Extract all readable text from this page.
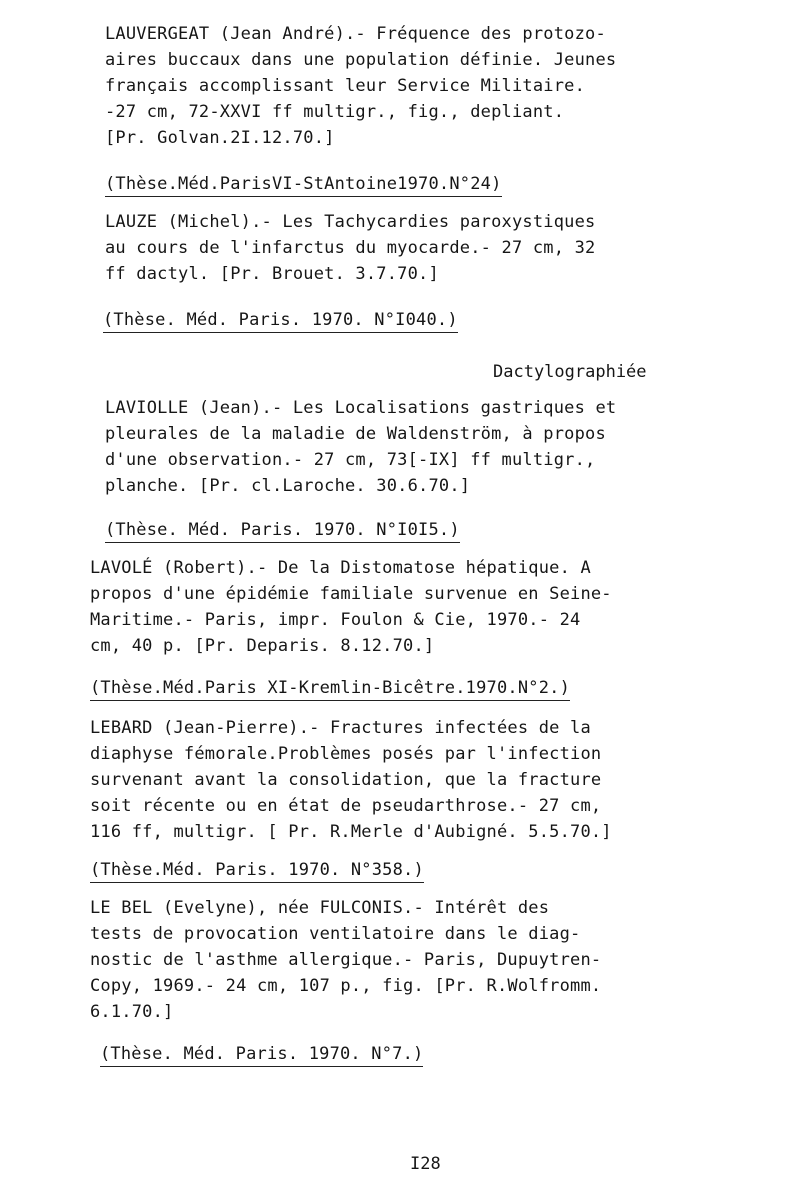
LAUVERGEAT (Jean André).- Fréquence des protozo-
aires buccaux dans une population définie. Jeunes
français accomplissant leur Service Militaire.
-27 cm, 72-XXVI ff multigr., fig., depliant.
[Pr. Golvan.2I.12.70.]
(Thèse.Méd.ParisVI-StAntoine1970.N°24)
LAUZE (Michel).- Les Tachycardies paroxystiques
au cours de l'infarctus du myocarde.- 27 cm, 32
ff dactyl. [Pr. Brouet. 3.7.70.]
(Thèse. Méd. Paris. 1970. N°I040.)
Dactylographiée
LAVIOLLE (Jean).- Les Localisations gastriques et
pleurales de la maladie de Waldenström, à propos
d'une observation.- 27 cm, 73[-IX] ff multigr.,
planche. [Pr. cl.Laroche. 30.6.70.]
(Thèse. Méd. Paris. 1970. N°I0I5.)
LAVOLÉ (Robert).- De la Distomatose hépatique. A
propos d'une épidémie familiale survenue en Seine-
Maritime.- Paris, impr. Foulon & Cie, 1970.- 24
cm, 40 p. [Pr. Deparis. 8.12.70.]
(Thèse.Méd.Paris XI-Kremlin-Bicêtre.1970.N°2.)
LEBARD (Jean-Pierre).- Fractures infectées de la
diaphyse fémorale.Problèmes posés par l'infection
survenant avant la consolidation, que la fracture
soit récente ou en état de pseudarthrose.- 27 cm,
116 ff, multigr. [ Pr. R.Merle d'Aubigné. 5.5.70.]
(Thèse.Méd. Paris. 1970. N°358.)
LE BEL (Evelyne), née FULCONIS.- Intérêt des
tests de provocation ventilatoire dans le diag-
nostic de l'asthme allergique.- Paris, Dupuytren-
Copy, 1969.- 24 cm, 107 p., fig. [Pr. R.Wolfromm.
6.1.70.]
(Thèse. Méd. Paris. 1970. N°7.)
I28
